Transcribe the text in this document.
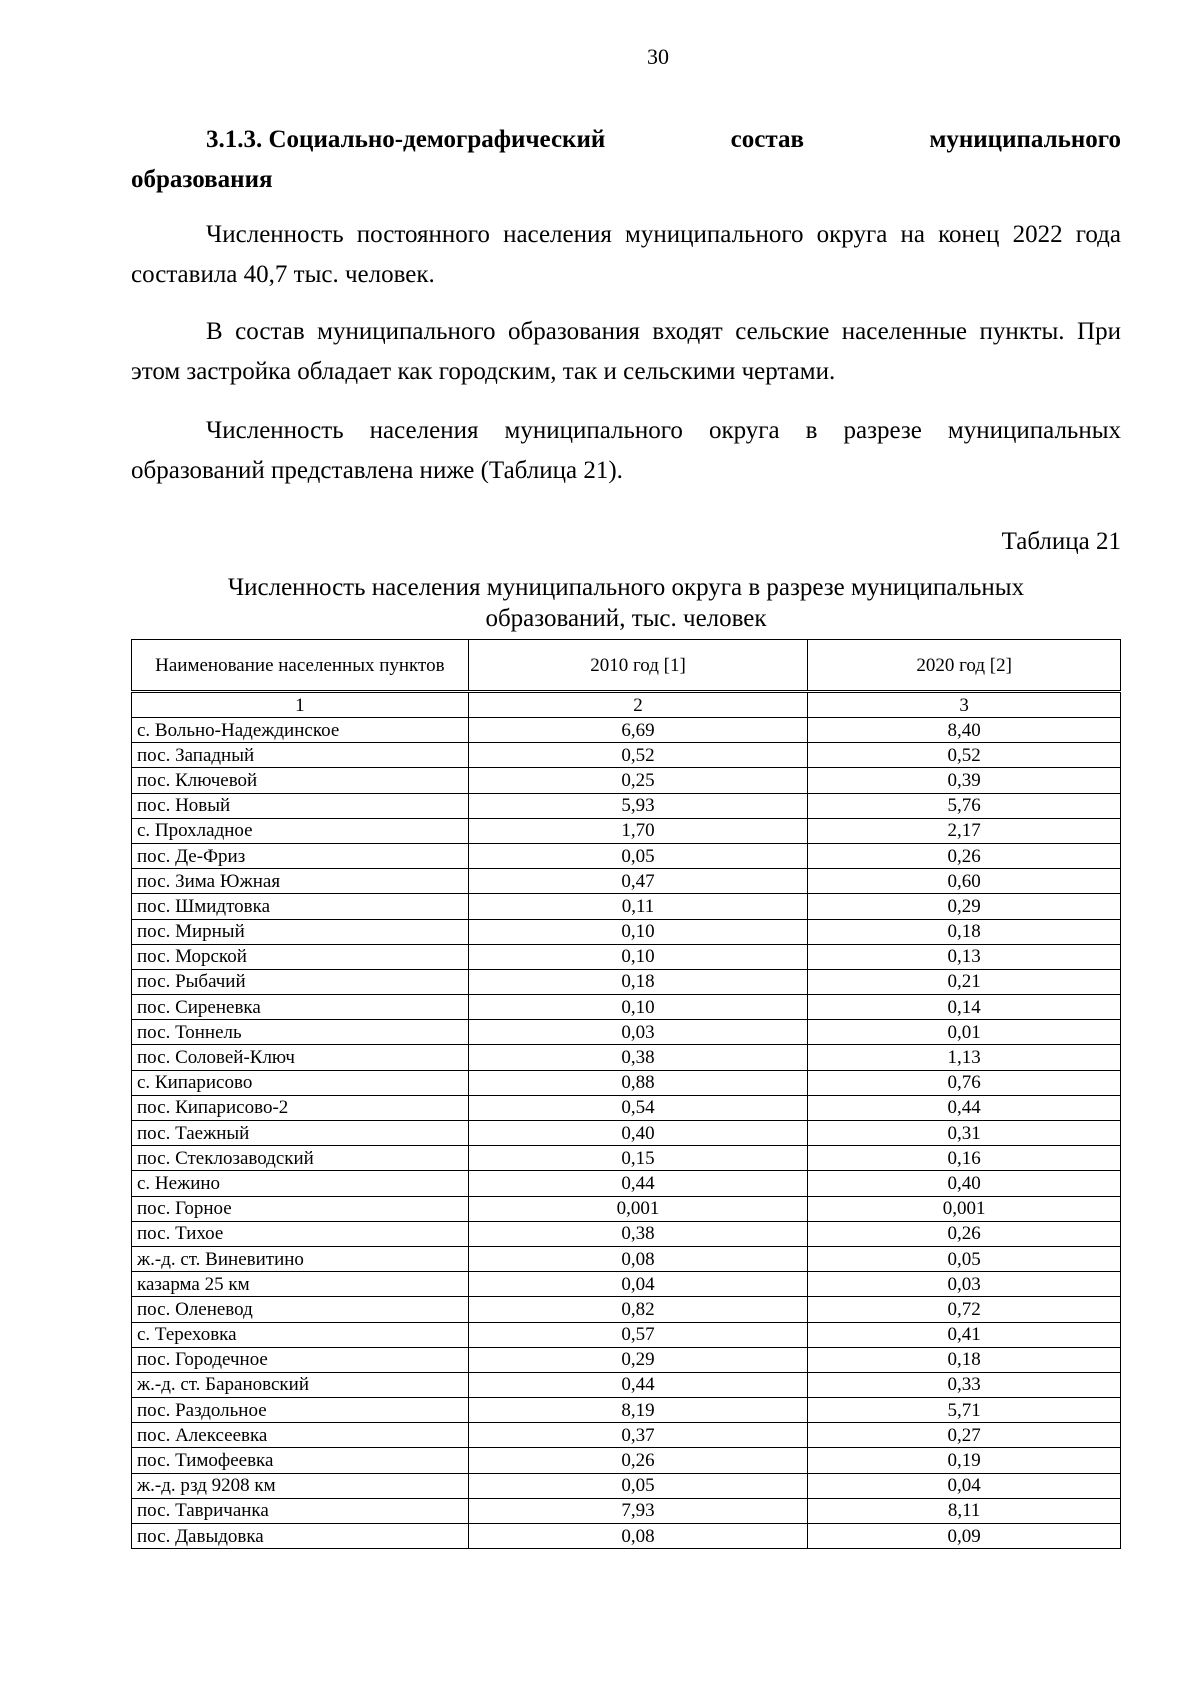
30
3.1.3. Социально-демографический	состав	муниципального
образования
Численность постоянного населения муниципального округа на конец 2022 года составила 40,7 тыс. человек.
В состав муниципального образования входят сельские населенные пункты. При этом застройка обладает как городским, так и сельскими чертами.
Численность населения муниципального округа в разрезе муниципальных образований представлена ниже (Таблица 21).
Таблица 21
Численность населения муниципального округа в разрезе муниципальных
образований, тыс. человек
Наименование населенных пунктов	2010 год [1]	2020 год [2]
1	2	3
с. Вольно-Надеждинское	6,69	8,40
пос. Западный	0,52	0,52
пос. Ключевой	0,25	0,39
пос. Новый	5,93	5,76
с. Прохладное	1,70	2,17
пос. Де-Фриз	0,05	0,26
пос. Зима Южная	0,47	0,60
пос. Шмидтовка	0,11	0,29
пос. Мирный	0,10	0,18
пос. Морской	0,10	0,13
пос. Рыбачий	0,18	0,21
пос. Сиреневка	0,10	0,14
пос. Тоннель	0,03	0,01
пос. Соловей-Ключ	0,38	1,13
с. Кипарисово	0,88	0,76
пос. Кипарисово-2	0,54	0,44
пос. Таежный	0,40	0,31
пос. Стеклозаводский	0,15	0,16
с. Нежино	0,44	0,40
пос. Горное	0,001	0,001
пос. Тихое	0,38	0,26
ж.-д. ст. Виневитино	0,08	0,05
казарма 25 км	0,04	0,03
пос. Оленевод	0,82	0,72
с. Тереховка	0,57	0,41
пос. Городечное	0,29	0,18
ж.-д. ст. Барановский	0,44	0,33
пос. Раздольное	8,19	5,71
пос. Алексеевка	0,37	0,27
пос. Тимофеевка	0,26	0,19
ж.-д. рзд 9208 км	0,05	0,04
пос. Тавричанка	7,93	8,11
пос. Давыдовка	0,08	0,09
